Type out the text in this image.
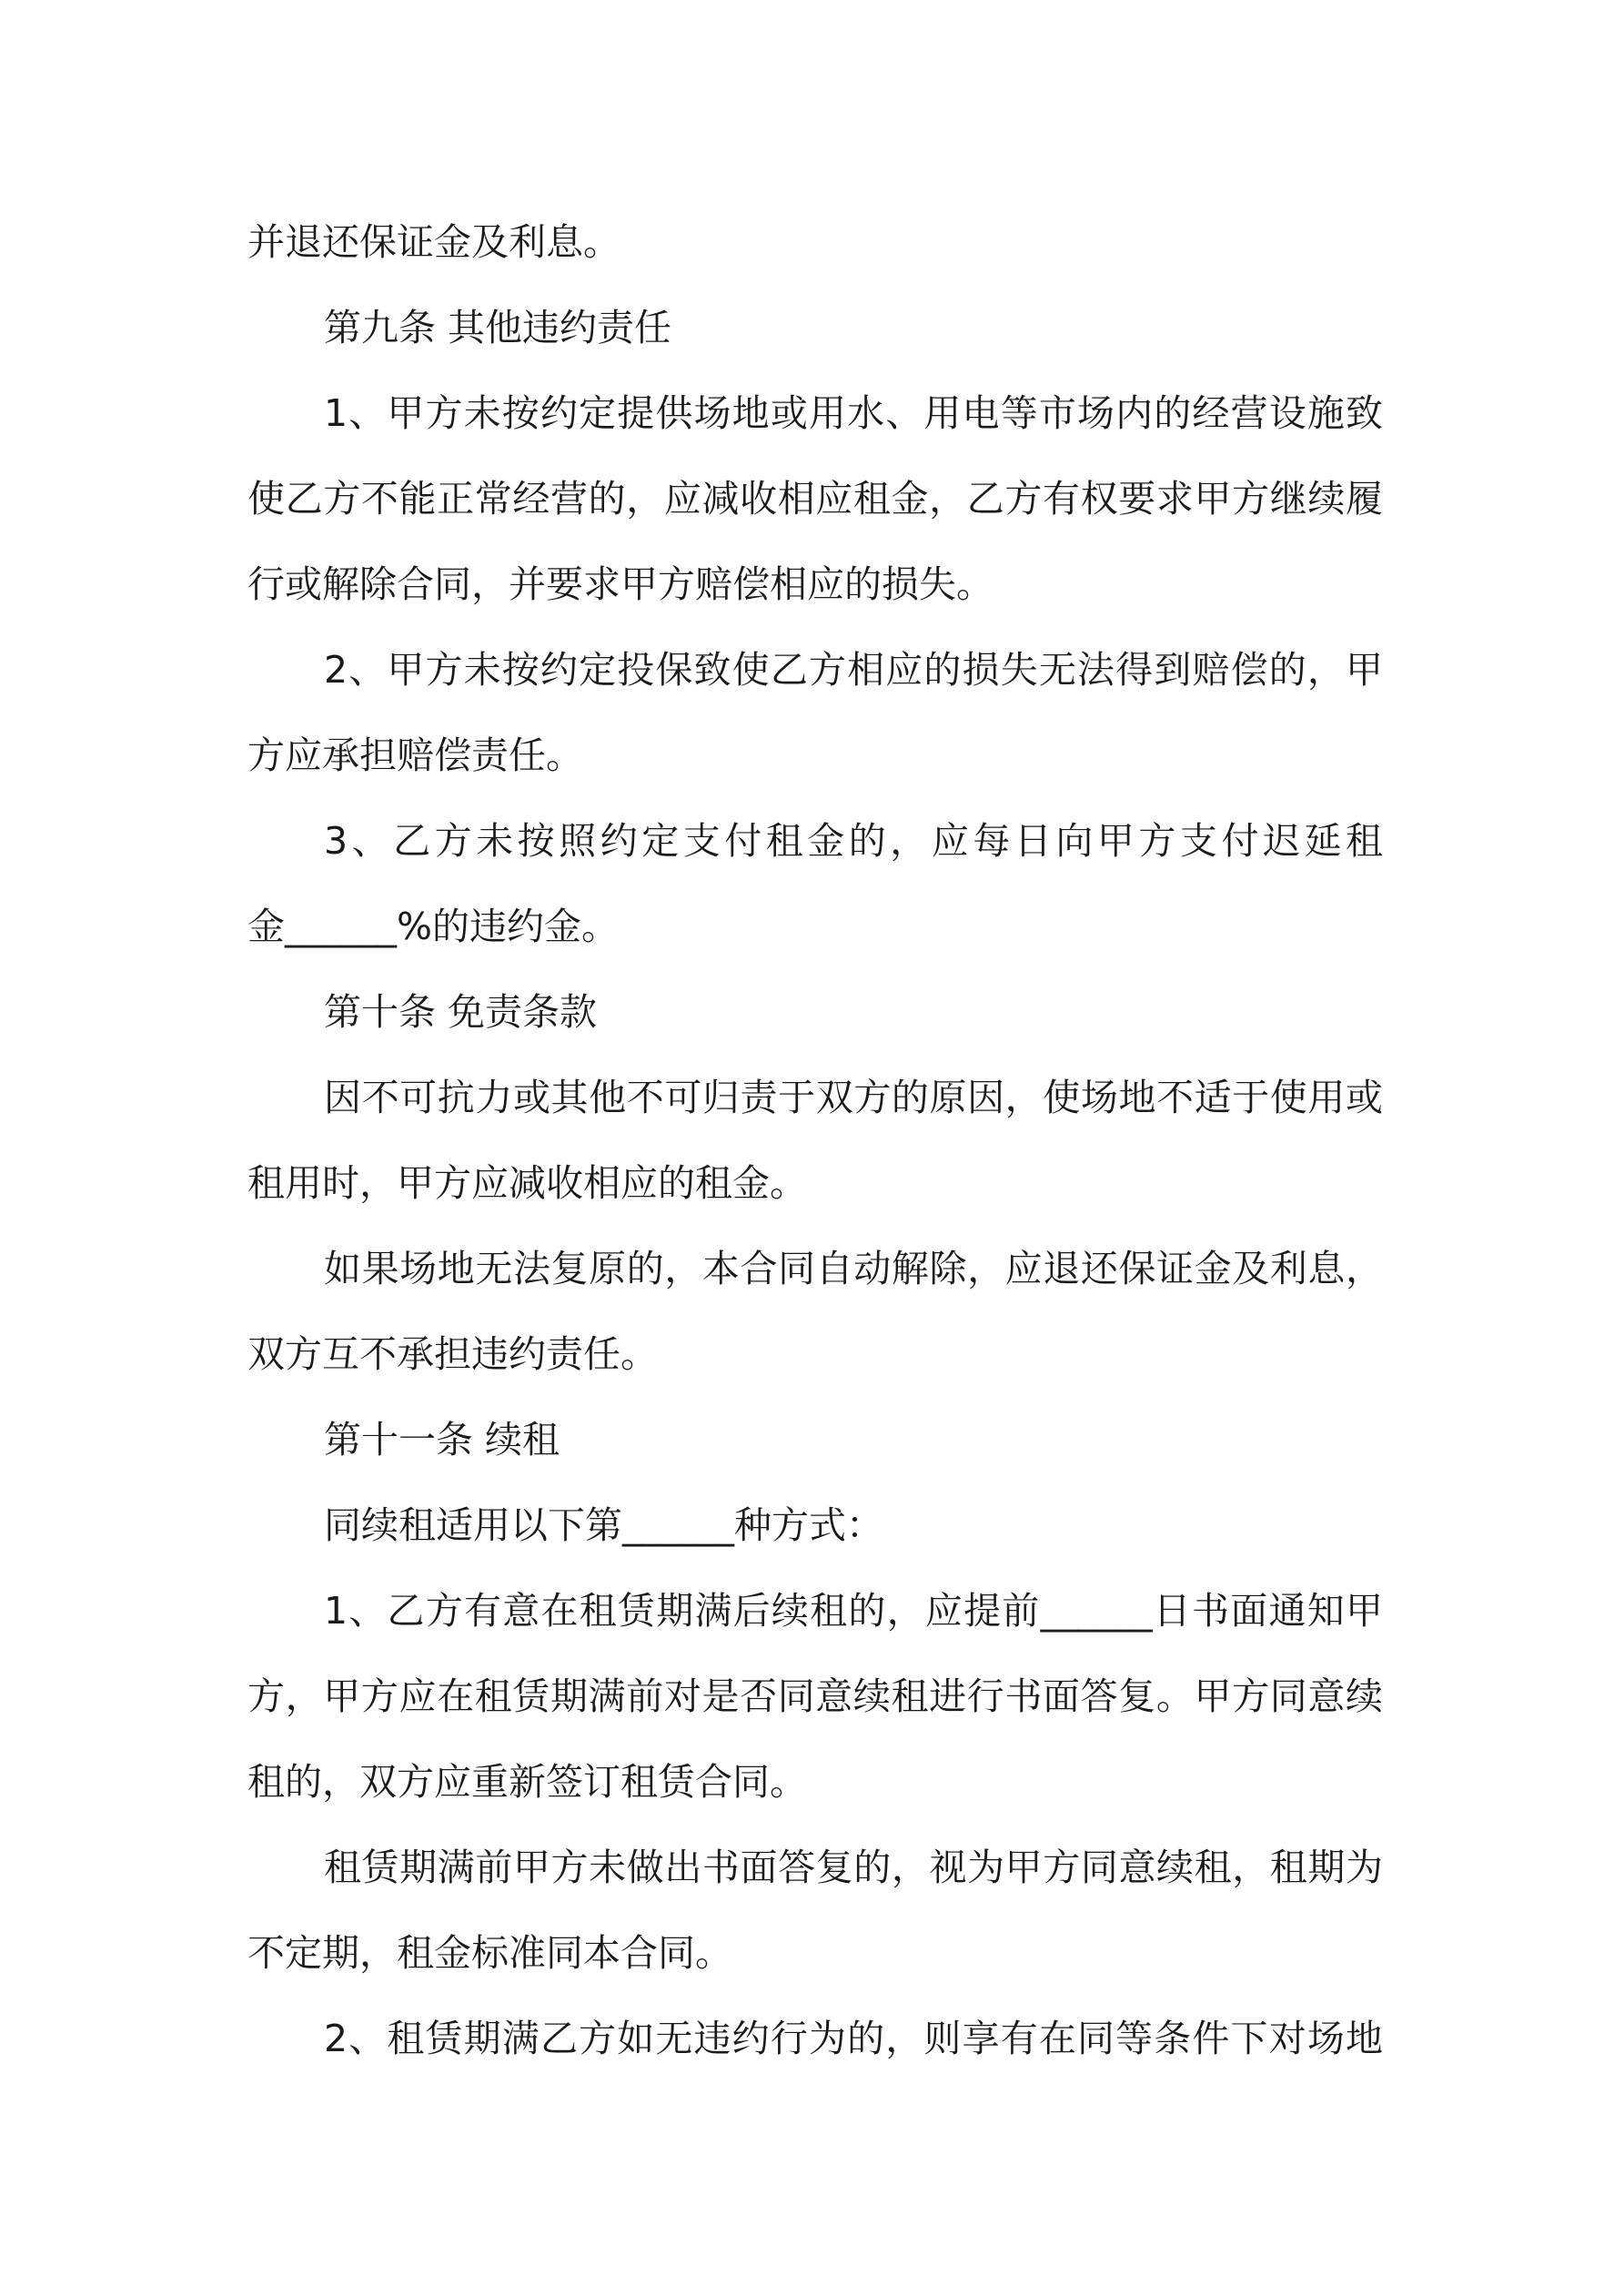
并退还保证金及利息。
第九条 其他违约责任
1、甲方未按约定提供场地或用水、用电等市场内的经营设施致
使乙方不能正常经营的，应减收相应租金，乙方有权要求甲方继续履
行或解除合同，并要求甲方赔偿相应的损失。
2、甲方未按约定投保致使乙方相应的损失无法得到赔偿的，甲
方应承担赔偿责任。
3、乙方未按照约定支付租金的，应每日向甲方支付迟延租
金______%的违约金。
第十条 免责条款
因不可抗力或其他不可归责于双方的原因，使场地不适于使用或
租用时，甲方应减收相应的租金。
如果场地无法复原的，本合同自动解除，应退还保证金及利息，
双方互不承担违约责任。
第十一条 续租
同续租适用以下第______种方式：
1、乙方有意在租赁期满后续租的，应提前______日书面通知甲
方，甲方应在租赁期满前对是否同意续租进行书面答复。甲方同意续
租的，双方应重新签订租赁合同。
租赁期满前甲方未做出书面答复的，视为甲方同意续租，租期为
不定期，租金标准同本合同。
2、租赁期满乙方如无违约行为的，则享有在同等条件下对场地
